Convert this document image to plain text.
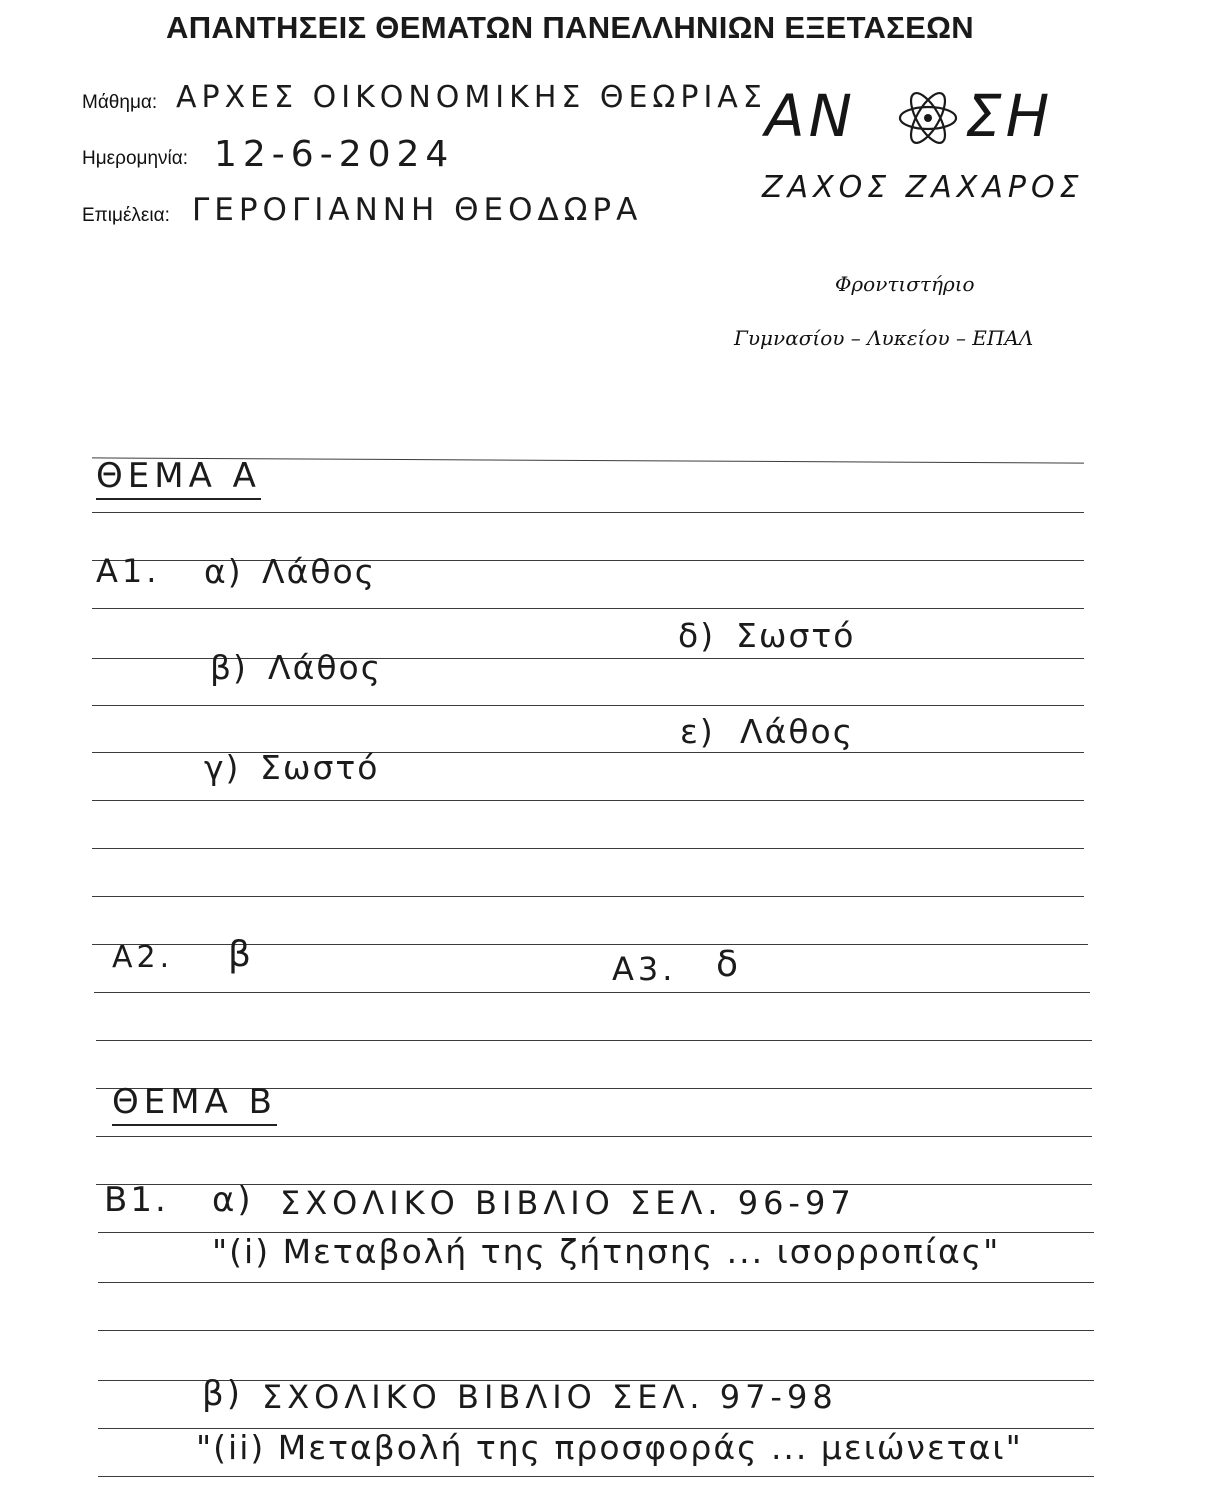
ΑΠΑΝΤΗΣΕΙΣ ΘΕΜΑΤΩΝ ΠΑΝΕΛΛΗΝΙΩΝ ΕΞΕΤΑΣΕΩΝ
Μάθημα: ΑΡΧΕΣ ΟΙΚΟΝΟΜΙΚΗΣ ΘΕΩΡΙΑΣ
Ημερομηνία: 12-6-2024
Επιμέλεια: ΓΕΡΟΓΙΑΝΝΗ ΘΕΟΔΩΡΑ
ΑΝ ΣΗ
ΖΑΧΟΣ ΖΑΧΑΡΟΣ
Φροντιστήριο
Γυμνασίου – Λυκείου – ΕΠΑΛ
ΘΕΜΑ Α
Α1. α) Λάθος
β) Λάθος
γ) Σωστό
δ) Σωστό
ε) Λάθος
Α2. β	Α3. δ
ΘΕΜΑ Β
Β1. α) ΣΧΟΛΙΚΟ ΒΙΒΛΙΟ ΣΕΛ. 96-97
"(i) Μεταβολή της ζήτησης ... ισορροπίας"
β) ΣΧΟΛΙΚΟ ΒΙΒΛΙΟ ΣΕΛ. 97-98
"(ii) Μεταβολή της προσφοράς ... μειώνεται"
